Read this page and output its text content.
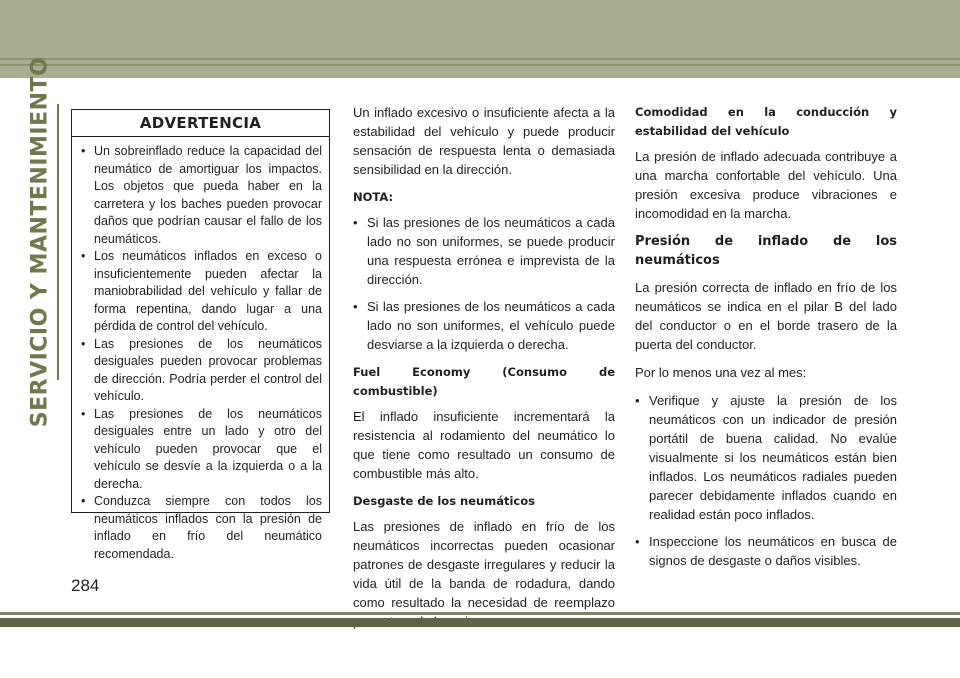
SERVICIO Y MANTENIMIENTO	ADVERTENCIA
• Un sobreinflado reduce la capacidad del neumático de amortiguar los impactos. Los objetos que pueda haber en la carretera y los baches pueden provocar daños que podrían causar el fallo de los neumáticos.
• Los neumáticos inflados en exceso o insuficientemente pueden afectar la maniobrabilidad del vehículo y fallar de forma repentina, dando lugar a una pérdida de control del vehículo.
• Las presiones de los neumáticos desiguales pueden provocar problemas de dirección. Podría perder el control del vehículo.
• Las presiones de los neumáticos desiguales entre un lado y otro del vehículo pueden provocar que el vehículo se desvíe a la izquierda o a la derecha.
• Conduzca siempre con todos los neumáticos inflados con la presión de inflado en frío del neumático recomendada.

Un inflado excesivo o insuficiente afecta a la estabilidad del vehículo y puede producir sensación de respuesta lenta o demasiada sensibilidad en la dirección.

NOTA:

• Si las presiones de los neumáticos a cada lado no son uniformes, se puede producir una respuesta errónea e imprevista de la dirección.
• Si las presiones de los neumáticos a cada lado no son uniformes, el vehículo puede desviarse a la izquierda o derecha.

Fuel Economy (Consumo de combustible)

El inflado insuficiente incrementará la resistencia al rodamiento del neumático lo que tiene como resultado un consumo de combustible más alto.

Desgaste de los neumáticos

Las presiones de inflado en frío de los neumáticos incorrectas pueden ocasionar patrones de desgaste irregulares y reducir la vida útil de la banda de rodadura, dando como resultado la necesidad de reemplazo

Comodidad en la conducción y estabilidad del vehículo

La presión de inflado adecuada contribuye a una marcha confortable del vehículo. Una presión excesiva produce vibraciones e incomodidad en la marcha.

Presión de inflado de los neumáticos

La presión correcta de inflado en frío de los neumáticos se indica en el pilar B del lado del conductor o en el borde trasero de la puerta del conductor.

Por lo menos una vez al mes:

• Verifique y ajuste la presión de los neumáticos con un indicador de presión portátil de buena calidad. No evalúe visualmente si los neumáticos están bien inflados. Los neumáticos radiales pueden parecer debidamente inflados cuando en realidad están poco inflados.
• Inspeccione los neumáticos en busca de signos de desgaste o daños visibles.
284
